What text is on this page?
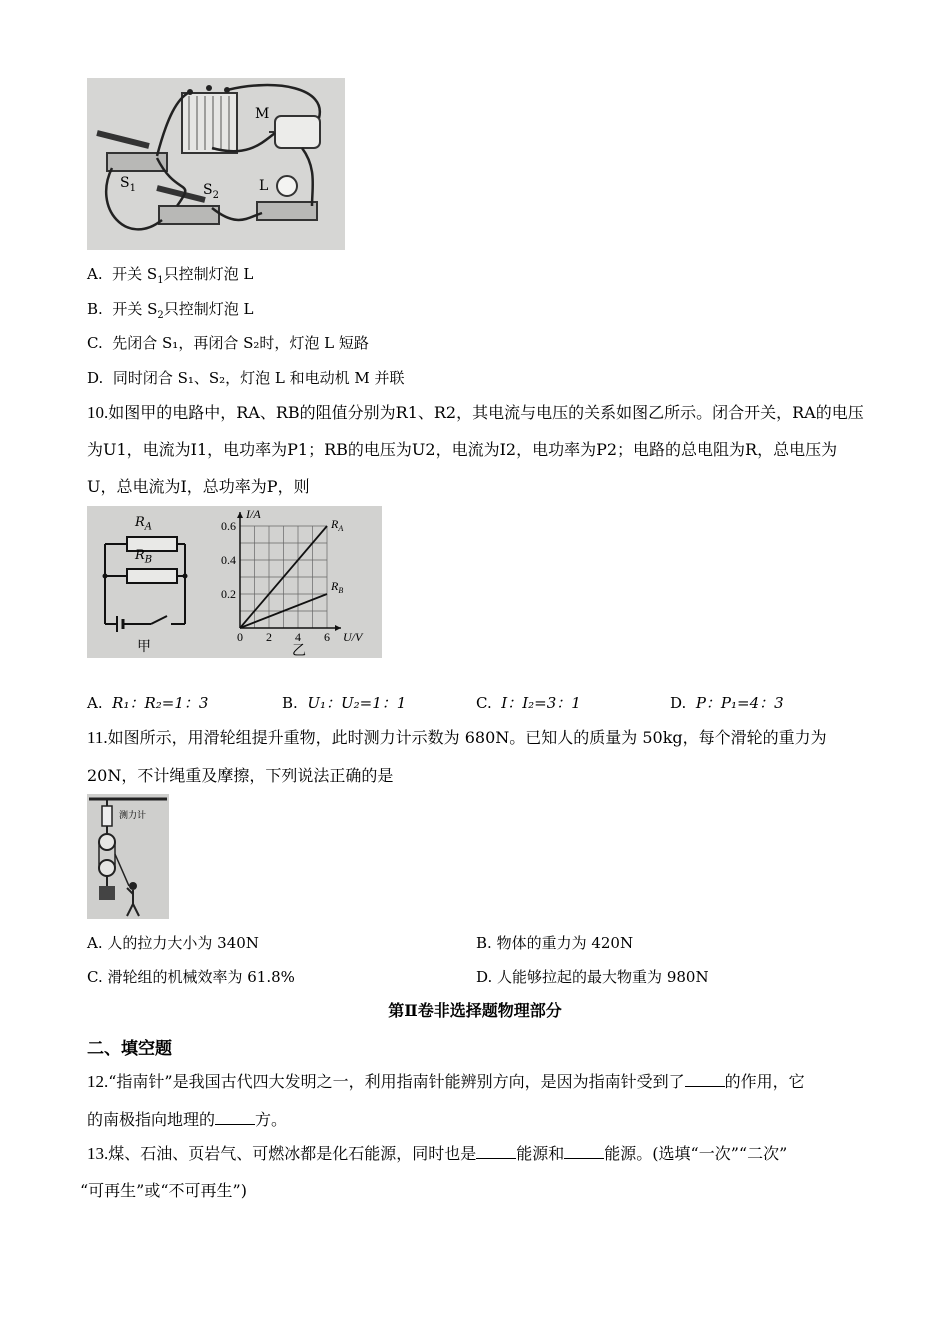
M
$S_1$	$S_2$
L
A. 开关 $S_1$只控制灯泡 L
B. 开关 $S_2$只控制灯泡 L
C. 先闭合 S₁，再闭合 S₂时，灯泡 L 短路
D. 同时闭合 S₁、S₂，灯泡 L 和电动机 M 并联
10.如图甲的电路中，RA、RB的阻值分别为R1、R2，其电流与电压的关系如图乙所示。闭合开关，RA的电压
为U1，电流为I1，电功率为P1；RB的电压为U2，电流为I2，电功率为P2；电路的总电阻为R，总电压为
U，总电流为I，总功率为P，则
0 2 4 6
0.2
0.4
0.6
I/A
U/V
$R_A$
$R_B$
$R_A$
$R_B$
甲	乙
A. R₁：R₂=1：3	B. U₁：U₂=1：1	C. I：I₂=3：1	D. P：P₁=4：3
11.如图所示，用滑轮组提升重物，此时测力计示数为 680N。已知人的质量为 50kg，每个滑轮的重力为
20N，不计绳重及摩擦，下列说法正确的是
测力计
A. 人的拉力大小为 340N	B. 物体的重力为 420N
C. 滑轮组的机械效率为 61.8%	D. 人能够拉起的最大物重为 980N
第Ⅱ卷非选择题物理部分
二、填空题
12.“指南针”是我国古代四大发明之一，利用指南针能辨别方向，是因为指南针受到了	的作用，它
的南极指向地理的	方。
13.煤、石油、页岩气、可燃冰都是化石能源，同时也是	能源和	能源。(选填“一次”“二次”
“可再生”或“不可再生”)
